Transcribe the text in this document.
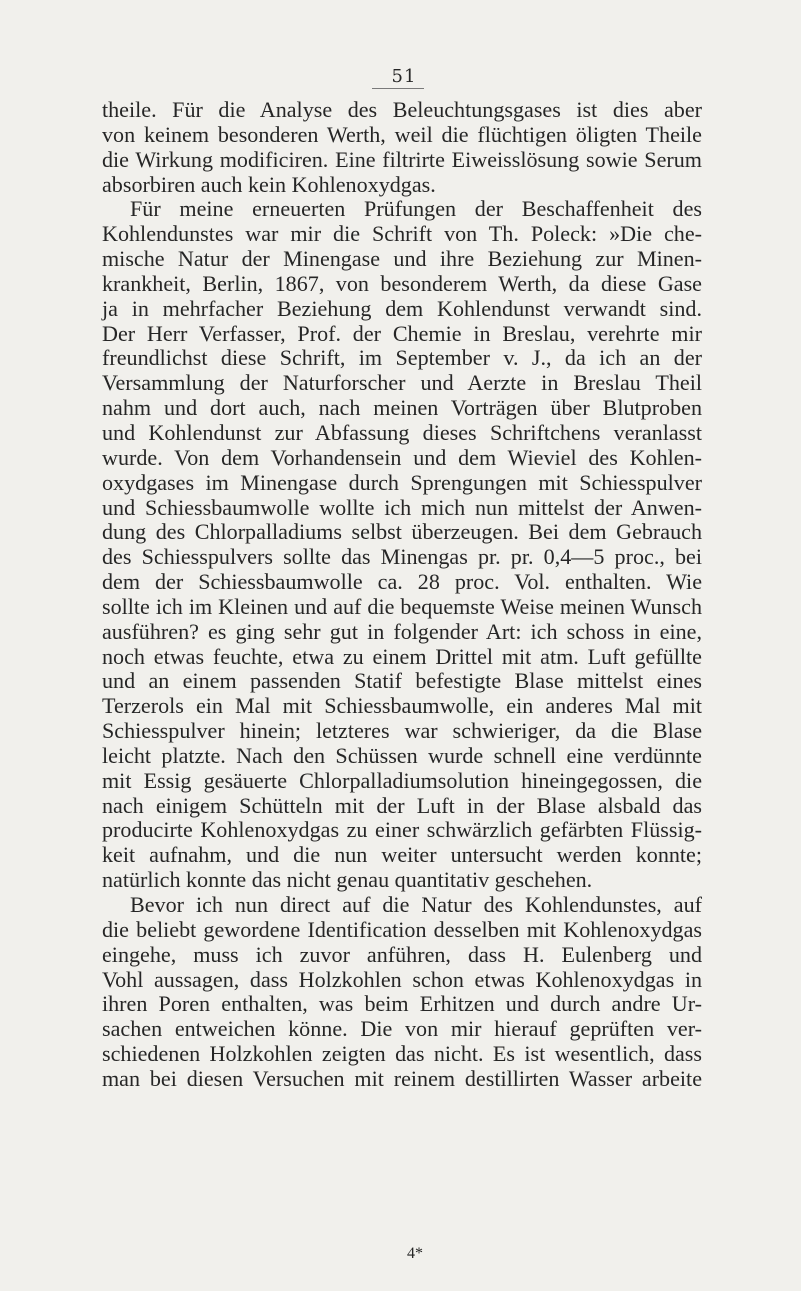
51
theile. Für die Analyse des Beleuchtungsgases ist dies aber
von keinem besonderen Werth, weil die flüchtigen öligten Theile
die Wirkung modificiren. Eine filtrirte Eiweisslösung sowie Serum
absorbiren auch kein Kohlenoxydgas.
Für meine erneuerten Prüfungen der Beschaffenheit des
Kohlendunstes war mir die Schrift von Th. Poleck: »Die che-
mische Natur der Minengase und ihre Beziehung zur Minen-
krankheit, Berlin, 1867, von besonderem Werth, da diese Gase
ja in mehrfacher Beziehung dem Kohlendunst verwandt sind.
Der Herr Verfasser, Prof. der Chemie in Breslau, verehrte mir
freundlichst diese Schrift, im September v. J., da ich an der
Versammlung der Naturforscher und Aerzte in Breslau Theil
nahm und dort auch, nach meinen Vorträgen über Blutproben
und Kohlendunst zur Abfassung dieses Schriftchens veranlasst
wurde. Von dem Vorhandensein und dem Wieviel des Kohlen-
oxydgases im Minengase durch Sprengungen mit Schiesspulver
und Schiessbaumwolle wollte ich mich nun mittelst der Anwen-
dung des Chlorpalladiums selbst überzeugen. Bei dem Gebrauch
des Schiesspulvers sollte das Minengas pr. pr. 0,4—5 proc., bei
dem der Schiessbaumwolle ca. 28 proc. Vol. enthalten. Wie
sollte ich im Kleinen und auf die bequemste Weise meinen Wunsch
ausführen? es ging sehr gut in folgender Art: ich schoss in eine,
noch etwas feuchte, etwa zu einem Drittel mit atm. Luft gefüllte
und an einem passenden Statif befestigte Blase mittelst eines
Terzerols ein Mal mit Schiessbaumwolle, ein anderes Mal mit
Schiesspulver hinein; letzteres war schwieriger, da die Blase
leicht platzte. Nach den Schüssen wurde schnell eine verdünnte
mit Essig gesäuerte Chlorpalladiumsolution hineingegossen, die
nach einigem Schütteln mit der Luft in der Blase alsbald das
producirte Kohlenoxydgas zu einer schwärzlich gefärbten Flüssig-
keit aufnahm, und die nun weiter untersucht werden konnte;
natürlich konnte das nicht genau quantitativ geschehen.
Bevor ich nun direct auf die Natur des Kohlendunstes, auf
die beliebt gewordene Identification desselben mit Kohlenoxydgas
eingehe, muss ich zuvor anführen, dass H. Eulenberg und
Vohl aussagen, dass Holzkohlen schon etwas Kohlenoxydgas in
ihren Poren enthalten, was beim Erhitzen und durch andre Ur-
sachen entweichen könne. Die von mir hierauf geprüften ver-
schiedenen Holzkohlen zeigten das nicht. Es ist wesentlich, dass
man bei diesen Versuchen mit reinem destillirten Wasser arbeite
4*
